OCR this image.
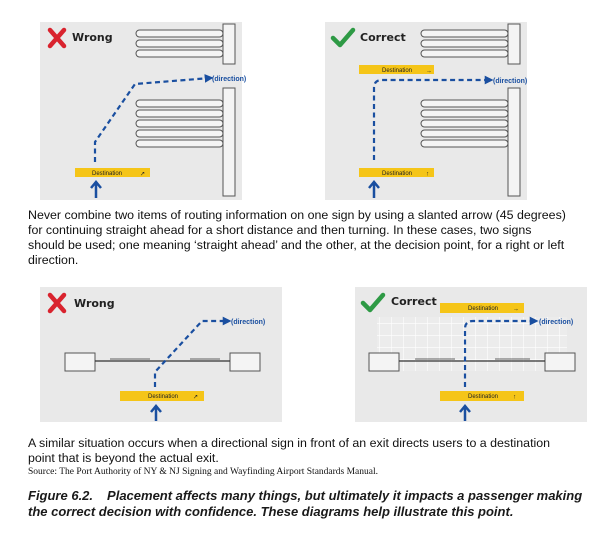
Wrong
(direction)
Destination	↗
Correct
Destination →
(direction)
Destination ↑

Never combine two items of routing information on one sign by using a slanted arrow (45 degrees) for continuing straight ahead for a short distance and then turning. In these cases, two signs should be used; one meaning ‘straight ahead’ and the other, at the decision point, for a right or left direction.

Wrong
(direction)
Destination ↗
Correct
Destination →
(direction)
Destination ↑

A similar situation occurs when a directional sign in front of an exit directs users to a destination point that is beyond the actual exit.

Source: The Port Authority of NY & NJ Signing and Wayfinding Airport Standards Manual.

Figure 6.2. Placement affects many things, but ultimately it impacts a passenger making the correct decision with confidence. These diagrams help illustrate this point.
